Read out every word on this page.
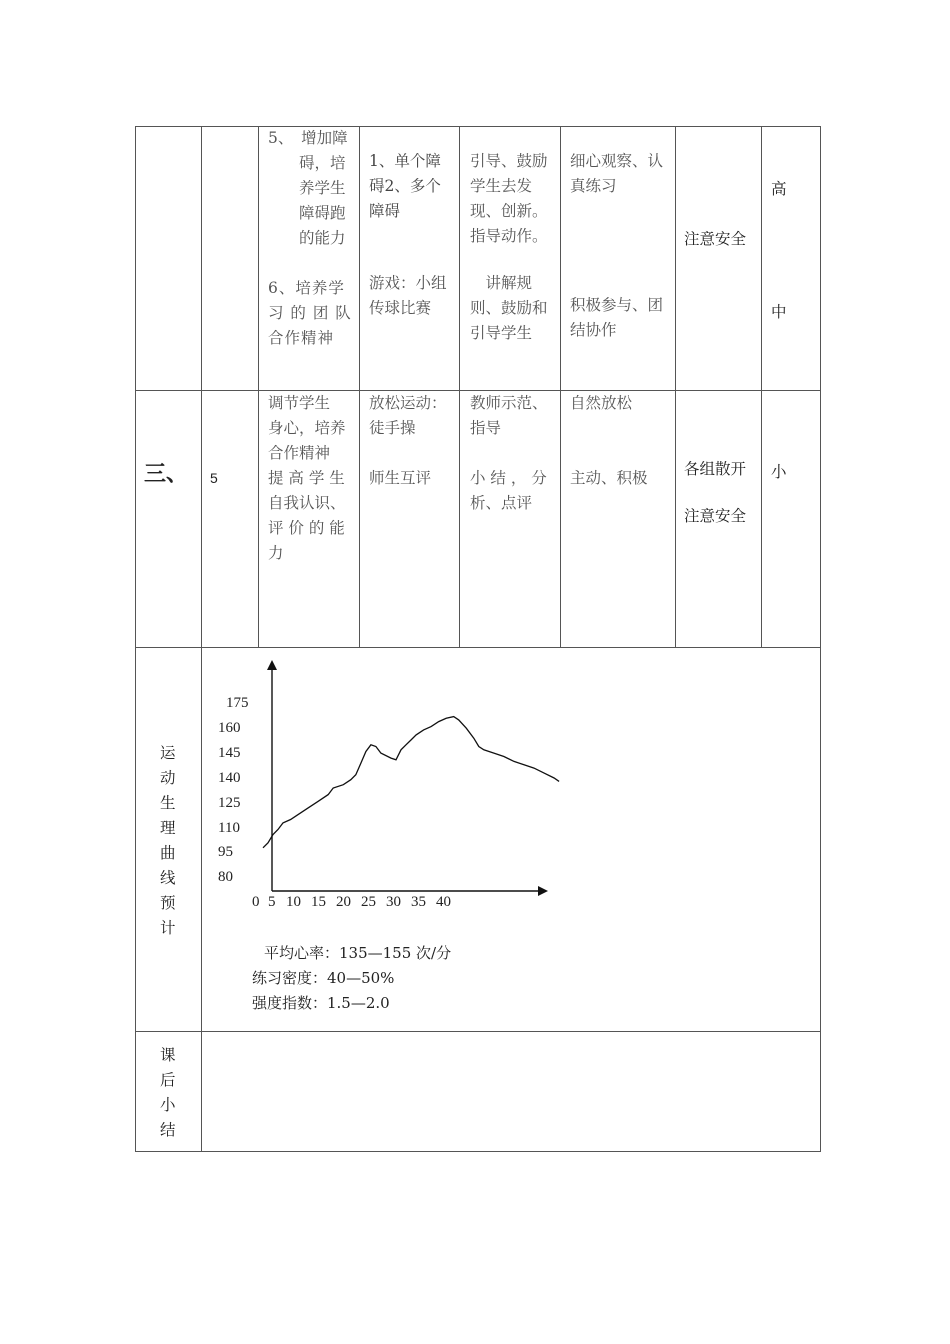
5、　增加障
　　碍，培
　　养学生
　　障碍跑
　　的能力
6、培养学
习 的 团 队
合作精神
1、单个障
碍2、多个
障碍
游戏：小组
传球比赛
引导、鼓励
学生去发
现、创新。
指导动作。
　讲解规
则、鼓励和
引导学生
细心观察、认
真练习
积极参与、团
结协作
注意安全
高
中
三、 5
调节学生
身心，培养
合作精神
提 高 学 生
自我认识、
评 价 的 能
力
放松运动：
徒手操
师生互评
教师示范、
指导
小 结 ， 分
析、点评
自然放松
主动、积极 各组散开
注意安全
小
运
动
生
理
曲
线
预
计
175
160
145
140
125
110
95
80
0 5 10 15 20 25 30 35 40
平均心率：135—155 次/分
练习密度：40—50%
强度指数：1.5—2.0
课
后
小
结
